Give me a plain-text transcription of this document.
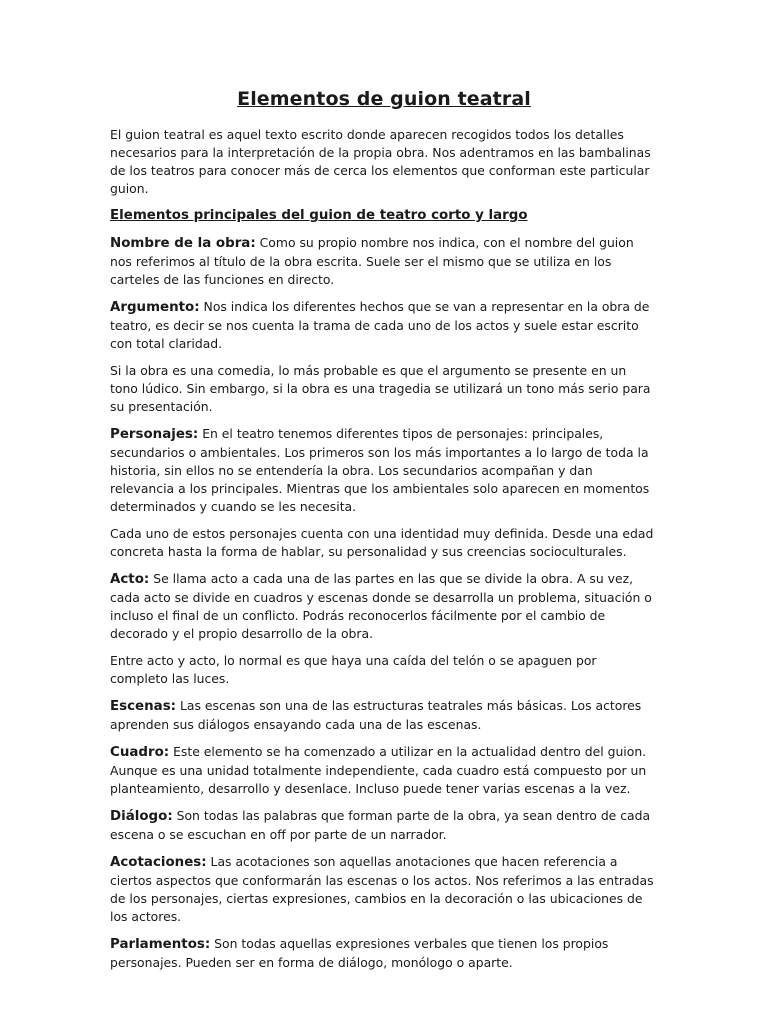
Elementos de guion teatral

El guion teatral es aquel texto escrito donde aparecen recogidos todos los detalles necesarios para la interpretación de la propia obra. Nos adentramos en las bambalinas de los teatros para conocer más de cerca los elementos que conforman este particular guion.

Elementos principales del guion de teatro corto y largo

Nombre de la obra: Como su propio nombre nos indica, con el nombre del guion nos referimos al título de la obra escrita. Suele ser el mismo que se utiliza en los carteles de las funciones en directo.

Argumento: Nos indica los diferentes hechos que se van a representar en la obra de teatro, es decir se nos cuenta la trama de cada uno de los actos y suele estar escrito con total claridad.

Si la obra es una comedia, lo más probable es que el argumento se presente en un tono lúdico. Sin embargo, si la obra es una tragedia se utilizará un tono más serio para su presentación.

Personajes: En el teatro tenemos diferentes tipos de personajes: principales, secundarios o ambientales. Los primeros son los más importantes a lo largo de toda la historia, sin ellos no se entendería la obra. Los secundarios acompañan y dan relevancia a los principales. Mientras que los ambientales solo aparecen en momentos determinados y cuando se les necesita.

Cada uno de estos personajes cuenta con una identidad muy definida. Desde una edad concreta hasta la forma de hablar, su personalidad y sus creencias socioculturales.

Acto: Se llama acto a cada una de las partes en las que se divide la obra. A su vez, cada acto se divide en cuadros y escenas donde se desarrolla un problema, situación o incluso el final de un conflicto. Podrás reconocerlos fácilmente por el cambio de decorado y el propio desarrollo de la obra.

Entre acto y acto, lo normal es que haya una caída del telón o se apaguen por completo las luces.

Escenas: Las escenas son una de las estructuras teatrales más básicas. Los actores aprenden sus diálogos ensayando cada una de las escenas.

Cuadro: Este elemento se ha comenzado a utilizar en la actualidad dentro del guion. Aunque es una unidad totalmente independiente, cada cuadro está compuesto por un planteamiento, desarrollo y desenlace. Incluso puede tener varias escenas a la vez.

Diálogo: Son todas las palabras que forman parte de la obra, ya sean dentro de cada escena o se escuchan en off por parte de un narrador.

Acotaciones: Las acotaciones son aquellas anotaciones que hacen referencia a ciertos aspectos que conformarán las escenas o los actos. Nos referimos a las entradas de los personajes, ciertas expresiones, cambios en la decoración o las ubicaciones de los actores.

Parlamentos: Son todas aquellas expresiones verbales que tienen los propios personajes. Pueden ser en forma de diálogo, monólogo o aparte.
